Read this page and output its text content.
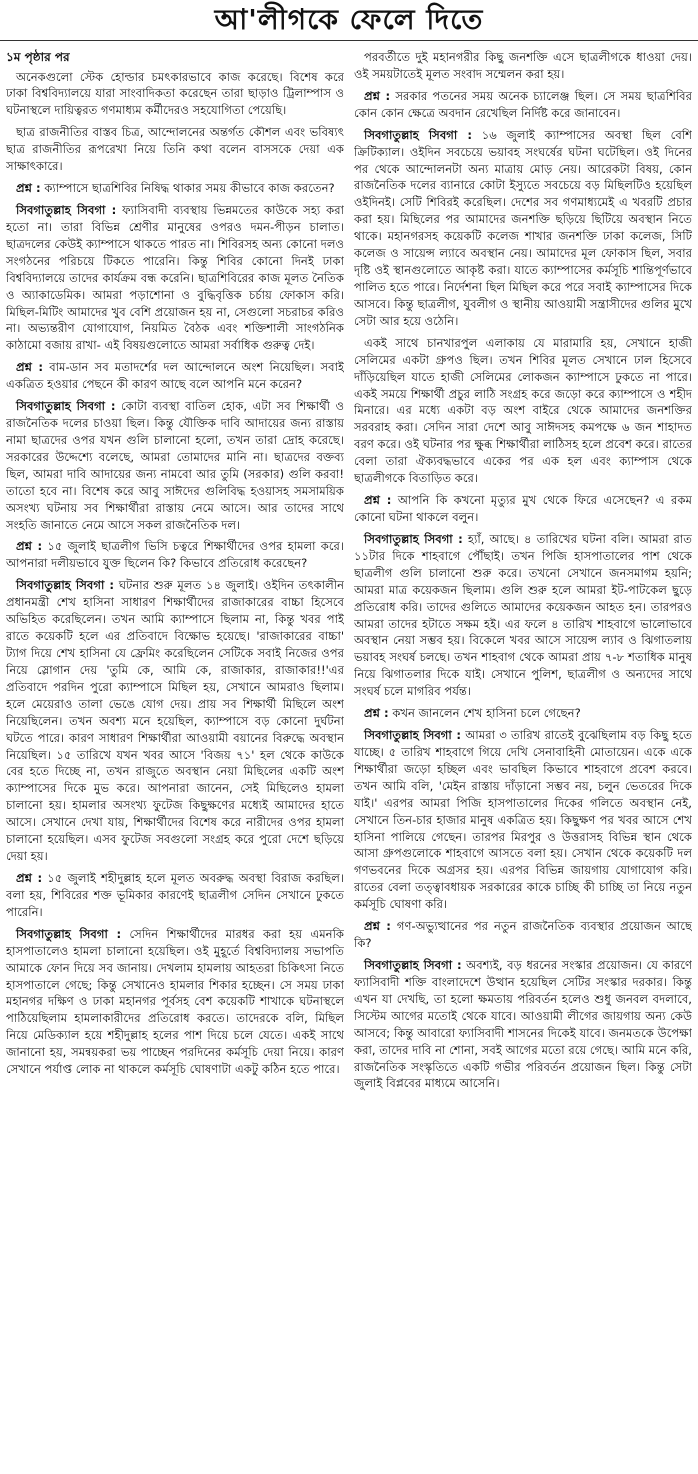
আ'লীগকে ফেলে দিতে
১ম পৃষ্ঠার পর

অনেকগুলো স্টেক হোল্ডার চমৎকারভাবে কাজ করেছে। বিশেষ করে ঢাকা বিশ্ববিদ্যালয়ে যারা সাংবাদিকতা করেছেন তারা ছাড়াও ট্রিলাম্পাস ও ঘটনাস্থলে দায়িত্বরত গণমাধ্যম কর্মীদেরও সহযোগিতা পেয়েছি।

ছাত্র রাজনীতির বাস্তব চিত্র, আন্দোলনের অন্তর্গত কৌশল এবং ভবিষ্যৎ ছাত্র রাজনীতির রূপরেখা নিয়ে তিনি কথা বলেন বাসসকে দেয়া এক সাক্ষাৎকারে।

প্রশ্ন : ক্যাম্পাসে ছাত্রশিবির নিষিদ্ধ থাকার সময় কীভাবে কাজ করতেন?

সিবগাতুল্লাহ সিবগা : ফ্যাসিবাদী ব্যবস্থায় ভিন্নমতের কাউকে সহ্য করা হতো না। তারা বিভিন্ন শ্রেণীর মানুষের ওপরও দমন-পীড়ন চালাত। ছাত্রদলের কেউই ক্যাম্পাসে থাকতে পারত না। শিবিরসহ অন্য কোনো দলও সংগঠনের পরিচয়ে টিকতে পারেনি। কিন্তু শিবির কোনো দিনই ঢাকা বিশ্ববিদ্যালয়ে তাদের কার্যক্রম বন্ধ করেনি। ছাত্রশিবিরের কাজ মূলত নৈতিক ও অ্যাকাডেমিক। আমরা পড়াশোনা ও বুদ্ধিবৃত্তিক চর্চায় ফোকাস করি। মিছিল-মিটিং আমাদের খুব বেশি প্রয়োজন হয় না, সেগুলো সচরাচর করিও না। অভ্যন্তরীণ যোগাযোগ, নিয়মিত বৈঠক এবং শক্তিশালী সাংগঠনিক কাঠামো বজায় রাখা- এই বিষয়গুলোতে আমরা সর্বাধিক গুরুত্ব দেই।

প্রশ্ন : বাম-ডান সব মতাদর্শের দল আন্দোলনে অংশ নিয়েছিল। সবাই একত্রিত হওয়ার পেছনে কী কারণ আছে বলে আপনি মনে করেন?

সিবগাতুল্লাহ সিবগা : কোটা ব্যবস্থা বাতিল হোক, এটা সব শিক্ষার্থী ও রাজনৈতিক দলের চাওয়া ছিল। কিন্তু যৌক্তিক দাবি আদায়ের জন্য রাস্তায় নামা ছাত্রদের ওপর যখন গুলি চালানো হলো, তখন তারা দ্রোহ করেছে। সরকারের উদ্দেশ্যে বলেছে, আমরা তোমাদের মানি না। ছাত্রদের বক্তব্য ছিল, আমরা দাবি আদায়ের জন্য নামবো আর তুমি (সরকার) গুলি করবা! তাতো হবে না। বিশেষ করে আবু সাঈদের গুলিবিদ্ধ হওয়াসহ সমসাময়িক অসংখ্য ঘটনায় সব শিক্ষার্থীরা রাস্তায় নেমে আসে। আর তাদের সাথে সংহতি জানাতে নেমে আসে সকল রাজনৈতিক দল।

প্রশ্ন : ১৫ জুলাই ছাত্রলীগ ভিসি চত্বরে শিক্ষার্থীদের ওপর হামলা করে। আপনারা দলীয়ভাবে যুক্ত ছিলেন কি? কিভাবে প্রতিরোধ করেছেন?

সিবগাতুল্লাহ সিবগা : ঘটনার শুরু মূলত ১৪ জুলাই। ওইদিন তৎকালীন প্রধানমন্ত্রী শেখ হাসিনা সাধারণ শিক্ষার্থীদের রাজাকারের বাচ্চা হিসেবে অভিহিত করেছিলেন। তখন আমি ক্যাম্পাসে ছিলাম না, কিন্তু খবর পাই রাতে কয়েকটি হলে এর প্রতিবাদে বিক্ষোভ হয়েছে। 'রাজাকারের বাচ্চা' ট্যাগ দিয়ে শেখ হাসিনা যে ফ্রেমিং করেছিলেন সেটিকে সবাই নিজের ওপর নিয়ে স্লোগান দেয় 'তুমি কে, আমি কে, রাজাকার, রাজাকার!!'এর প্রতিবাদে পরদিন পুরো ক্যাম্পাসে মিছিল হয়, সেখানে আমরাও ছিলাম। হলে মেয়েরাও তালা ভেঙে যোগ দেয়। প্রায় সব শিক্ষার্থী মিছিলে অংশ নিয়েছিলেন। তখন অবশ্য মনে হয়েছিল, ক্যাম্পাসে বড় কোনো দুর্ঘটনা ঘটতে পারে। কারণ সাধারণ শিক্ষার্থীরা আওয়ামী বয়ানের বিরুদ্ধে অবস্থান নিয়েছিল। ১৫ তারিখে যখন খবর আসে 'বিজয় ৭১' হল থেকে কাউকে বের হতে দিচ্ছে না, তখন রাজুতে অবস্থান নেয়া মিছিলের একটি অংশ ক্যাম্পাসের দিকে মুভ করে। আপনারা জানেন, সেই মিছিলেও হামলা চালানো হয়। হামলার অসংখ্য ফুটেজ কিছুক্ষণের মধ্যেই আমাদের হাতে আসে। সেখানে দেখা যায়, শিক্ষার্থীদের বিশেষ করে নারীদের ওপর হামলা চালানো হয়েছিল। এসব ফুটেজ সবগুলো সংগ্রহ করে পুরো দেশে ছড়িয়ে দেয়া হয়।

প্রশ্ন : ১৫ জুলাই শহীদুল্লাহ হলে মূলত অবরুদ্ধ অবস্থা বিরাজ করছিল। বলা হয়, শিবিরের শক্ত ভূমিকার কারণেই ছাত্রলীগ সেদিন সেখানে ঢুকতে পারেনি।

সিবগাতুল্লাহ সিবগা : সেদিন শিক্ষার্থীদের মারধর করা হয় এমনকি হাসপাতালেও হামলা চালানো হয়েছিল। ওই মুহূর্তে বিশ্ববিদ্যালয় সভাপতি আমাকে ফোন দিয়ে সব জানায়। দেখলাম হামলায় আহতরা চিকিৎসা নিতে হাসপাতালে গেছে; কিন্তু সেখানেও হামলার শিকার হচ্ছেন। সে সময় ঢাকা মহানগর দক্ষিণ ও ঢাকা মহানগর পূর্বসহ বেশ কয়েকটি শাখাকে ঘটনাস্থলে পাঠিয়েছিলাম হামলাকারীদের প্রতিরোধ করতে। তাদেরকে বলি, মিছিল নিয়ে মেডিক্যাল হয়ে শহীদুল্লাহ হলের পাশ দিয়ে চলে যেতে। একই সাথে জানানো হয়, সমন্বয়করা ভয় পাচ্ছেন পরদিনের কর্মসূচি দেয়া নিয়ে। কারণ সেখানে পর্যাপ্ত লোক না থাকলে কর্মসূচি ঘোষণাটা একটু কঠিন হতে পারে।

পরবর্তীতে দুই মহানগরীর কিছু জনশক্তি এসে ছাত্রলীগকে ধাওয়া দেয়। ওই সময়টাতেই মূলত সংবাদ সম্মেলন করা হয়।

প্রশ্ন : সরকার পতনের সময় অনেক চ্যালেঞ্জ ছিল। সে সময় ছাত্রশিবির কোন কোন ক্ষেত্রে অবদান রেখেছিল নির্দিষ্ট করে জানাবেন।

সিবগাতুল্লাহ সিবগা : ১৬ জুলাই ক্যাম্পাসের অবস্থা ছিল বেশি ক্রিটিক্যাল। ওইদিন সবচেয়ে ভয়াবহ সংঘর্ষের ঘটনা ঘটেছিল। ওই দিনের পর থেকে আন্দোলনটা অন্য মাত্রায় মোড় নেয়। আরেকটা বিষয়, কোন রাজনৈতিক দলের ব্যানারে কোটা ইস্যুতে সবচেয়ে বড় মিছিলটিও হয়েছিল ওইদিনই। সেটি শিবিরই করেছিল। দেশের সব গণমাধ্যমেই এ খবরটি প্রচার করা হয়। মিছিলের পর আমাদের জনশক্তি ছড়িয়ে ছিটিয়ে অবস্থান নিতে থাকে। মহানগরসহ কয়েকটি কলেজ শাখার জনশক্তি ঢাকা কলেজ, সিটি কলেজ ও সায়েন্স ল্যাবে অবস্থান নেয়। আমাদের মূল ফোকাস ছিল, সবার দৃষ্টি ওই স্থানগুলোতে আকৃষ্ট করা। যাতে ক্যাম্পাসের কর্মসূচি শান্তিপূর্ণভাবে পালিত হতে পারে। নির্দেশনা ছিল মিছিল করে পরে সবাই ক্যাম্পাসের দিকে আসবে। কিন্তু ছাত্রলীগ, যুবলীগ ও স্থানীয় আওয়ামী সন্ত্রাসীদের গুলির মুখে সেটা আর হয়ে ওঠেনি।

একই সাথে চানখারপুল এলাকায় যে মারামারি হয়, সেখানে হাজী সেলিমের একটা গ্রুপও ছিল। তখন শিবির মূলত সেখানে ঢাল হিসেবে দাঁড়িয়েছিল যাতে হাজী সেলিমের লোকজন ক্যাম্পাসে ঢুকতে না পারে। একই সময়ে শিক্ষার্থী প্রচুর লাঠি সংগ্রহ করে জড়ো করে ক্যাম্পাসে ও শহীদ মিনারে। এর মধ্যে একটা বড় অংশ বাইরে থেকে আমাদের জনশক্তির সরবরাহ করা। সেদিন সারা দেশে আবু সাঈদসহ কমপক্ষে ৬ জন শাহাদত বরণ করে। ওই ঘটনার পর ক্ষুব্ধ শিক্ষার্থীরা লাঠিসহ হলে প্রবেশ করে। রাতের বেলা তারা ঐক্যবদ্ধভাবে একের পর এক হল এবং ক্যাম্পাস থেকে ছাত্রলীগকে বিতাড়িত করে।

প্রশ্ন : আপনি কি কখনো মৃত্যুর মুখ থেকে ফিরে এসেছেন? এ রকম কোনো ঘটনা থাকলে বলুন।

সিবগাতুল্লাহ সিবগা : হ্যাঁ, আছে। ৪ তারিখের ঘটনা বলি। আমরা রাত ১১টার দিকে শাহবাগে পৌঁছাই। তখন পিজি হাসপাতালের পাশ থেকে ছাত্রলীগ গুলি চালানো শুরু করে। তখনো সেখানে জনসমাগম হয়নি; আমরা মাত্র কয়েকজন ছিলাম। গুলি শুরু হলে আমরা ইট-পাটকেল ছুড়ে প্রতিরোধ করি। তাদের গুলিতে আমাদের কয়েকজন আহত হন। তারপরও আমরা তাদের হটাতে সক্ষম হই। এর ফলে ৪ তারিখ শাহবাগে ভালোভাবে অবস্থান নেয়া সম্ভব হয়। বিকেলে খবর আসে সায়েন্স ল্যাব ও ঝিগাতলায় ভয়াবহ সংঘর্ষ চলছে। তখন শাহবাগ থেকে আমরা প্রায় ৭-৮ শতাধিক মানুষ নিয়ে ঝিগাতলার দিকে যাই। সেখানে পুলিশ, ছাত্রলীগ ও অন্যদের সাথে সংঘর্ষ চলে মাগরিব পর্যন্ত।

প্রশ্ন : কখন জানলেন শেখ হাসিনা চলে গেছেন?

সিবগাতুল্লাহ সিবগা : আমরা ৩ তারিখ রাতেই বুঝেছিলাম বড় কিছু হতে যাচ্ছে। ৫ তারিখ শাহবাগে গিয়ে দেখি সেনাবাহিনী মোতায়েন। একে একে শিক্ষার্থীরা জড়ো হচ্ছিল এবং ভাবছিল কিভাবে শাহবাগে প্রবেশ করবে। তখন আমি বলি, 'মেইন রাস্তায় দাঁড়ানো সম্ভব নয়, চলুন ভেতরের দিকে যাই।' এরপর আমরা পিজি হাসপাতালের দিকের গলিতে অবস্থান নেই, সেখানে তিন-চার হাজার মানুষ একত্রিত হয়। কিছুক্ষণ পর খবর আসে শেখ হাসিনা পালিয়ে গেছেন। তারপর মিরপুর ও উত্তরাসহ বিভিন্ন স্থান থেকে আসা গ্রুপগুলোকে শাহবাগে আসতে বলা হয়। সেখান থেকে কয়েকটি দল গণভবনের দিকে অগ্রসর হয়। এরপর বিভিন্ন জায়গায় যোগাযোগ করি। রাতের বেলা তত্ত্বাবধায়ক সরকারের কাকে চাচ্ছি কী চাচ্ছি তা নিয়ে নতুন কর্মসূচি ঘোষণা করি।

প্রশ্ন : গণ-অভ্যুত্থানের পর নতুন রাজনৈতিক ব্যবস্থার প্রয়োজন আছে কি?

সিবগাতুল্লাহ সিবগা : অবশ্যই, বড় ধরনের সংস্কার প্রয়োজন। যে কারণে ফ্যাসিবাদী শক্তি বাংলাদেশে উত্থান হয়েছিল সেটির সংস্কার দরকার। কিন্তু এখন যা দেখছি, তা হলো ক্ষমতায় পরিবর্তন হলেও শুধু জনবল বদলাবে, সিস্টেম আগের মতোই থেকে যাবে। আওয়ামী লীগের জায়গায় অন্য কেউ আসবে; কিন্তু আবারো ফ্যাসিবাদী শাসনের দিকেই যাবে। জনমতকে উপেক্ষা করা, তাদের দাবি না শোনা, সবই আগের মতো রয়ে গেছে। আমি মনে করি, রাজনৈতিক সংস্কৃতিতে একটি গভীর পরিবর্তন প্রয়োজন ছিল। কিন্তু সেটা জুলাই বিপ্লবের মাধ্যমে আসেনি।
